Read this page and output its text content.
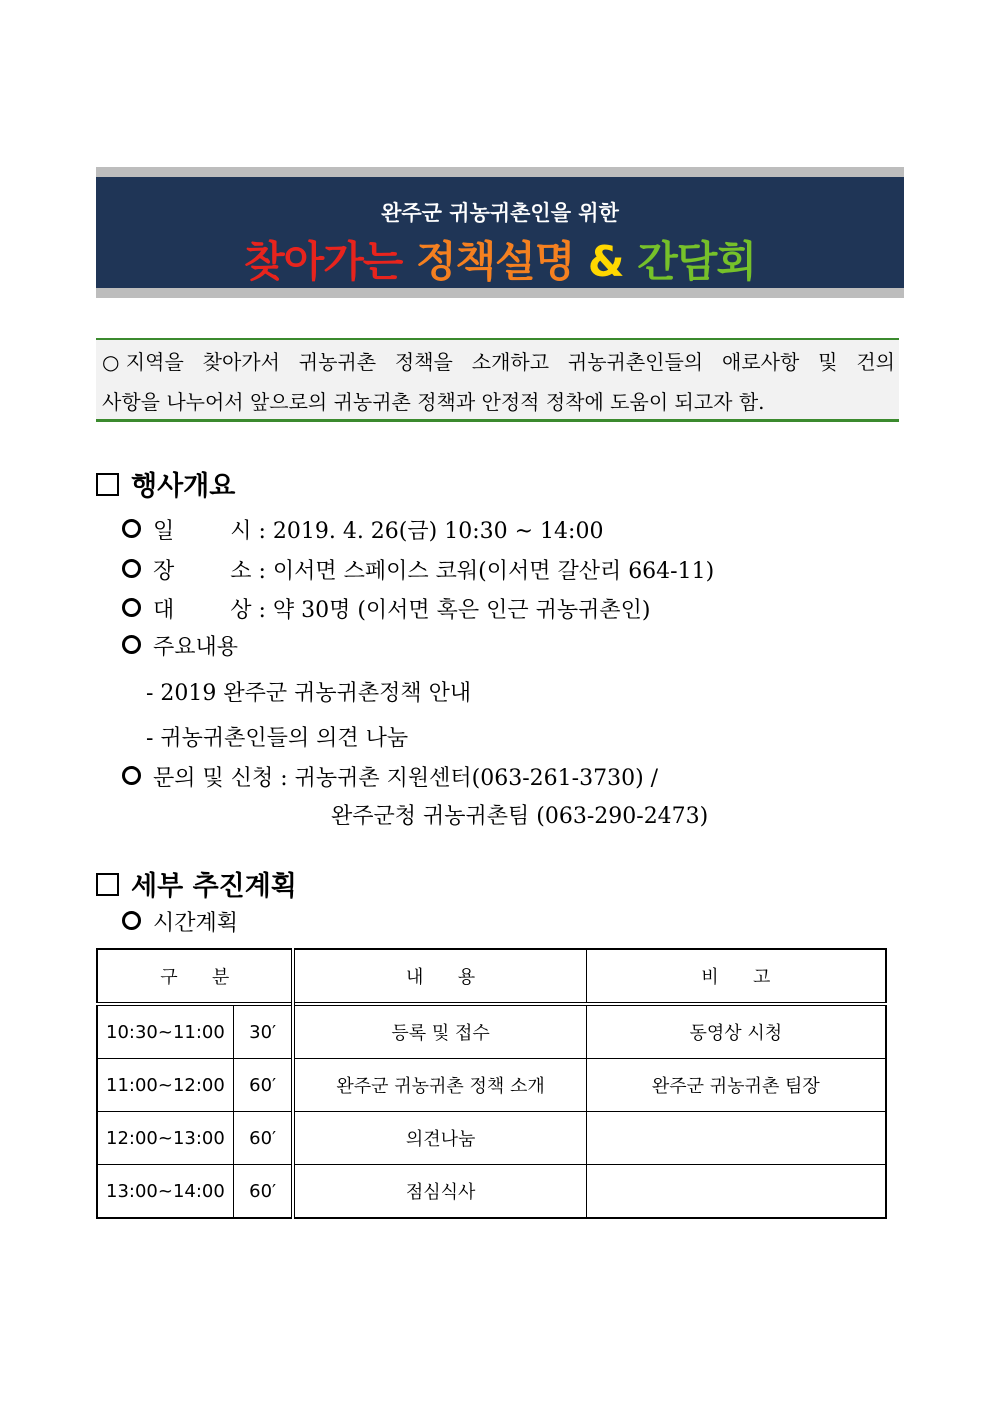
완주군 귀농귀촌인을 위한
찾아가는 정책설명 & 간담회
○ 지역을 찾아가서 귀농귀촌 정책을 소개하고 귀농귀촌인들의 애로사항 및 건의
사항을 나누어서 앞으로의 귀농귀촌 정책과 안정적 정착에 도움이 되고자 함.
행사개요
일        시 : 2019. 4. 26(금) 10:30 ~ 14:00
장        소 : 이서면 스페이스 코워(이서면 갈산리 664-11)
대        상 : 약 30명 (이서면 혹은 인근 귀농귀촌인)
주요내용
- 2019 완주군 귀농귀촌정책 안내
- 귀농귀촌인들의 의견 나눔
문의 및 신청 : 귀농귀촌 지원센터(063-261-3730) /
완주군청 귀농귀촌팀 (063-290-2473)
세부 추진계획
시간계획
구      분		내      용	비      고
10:30~11:00	30′	등록 및 접수	동영상 시청
11:00~12:00	60′	완주군 귀농귀촌 정책 소개	완주군 귀농귀촌 팀장
12:00~13:00	60′	의견나눔	
13:00~14:00	60′	점심식사	
